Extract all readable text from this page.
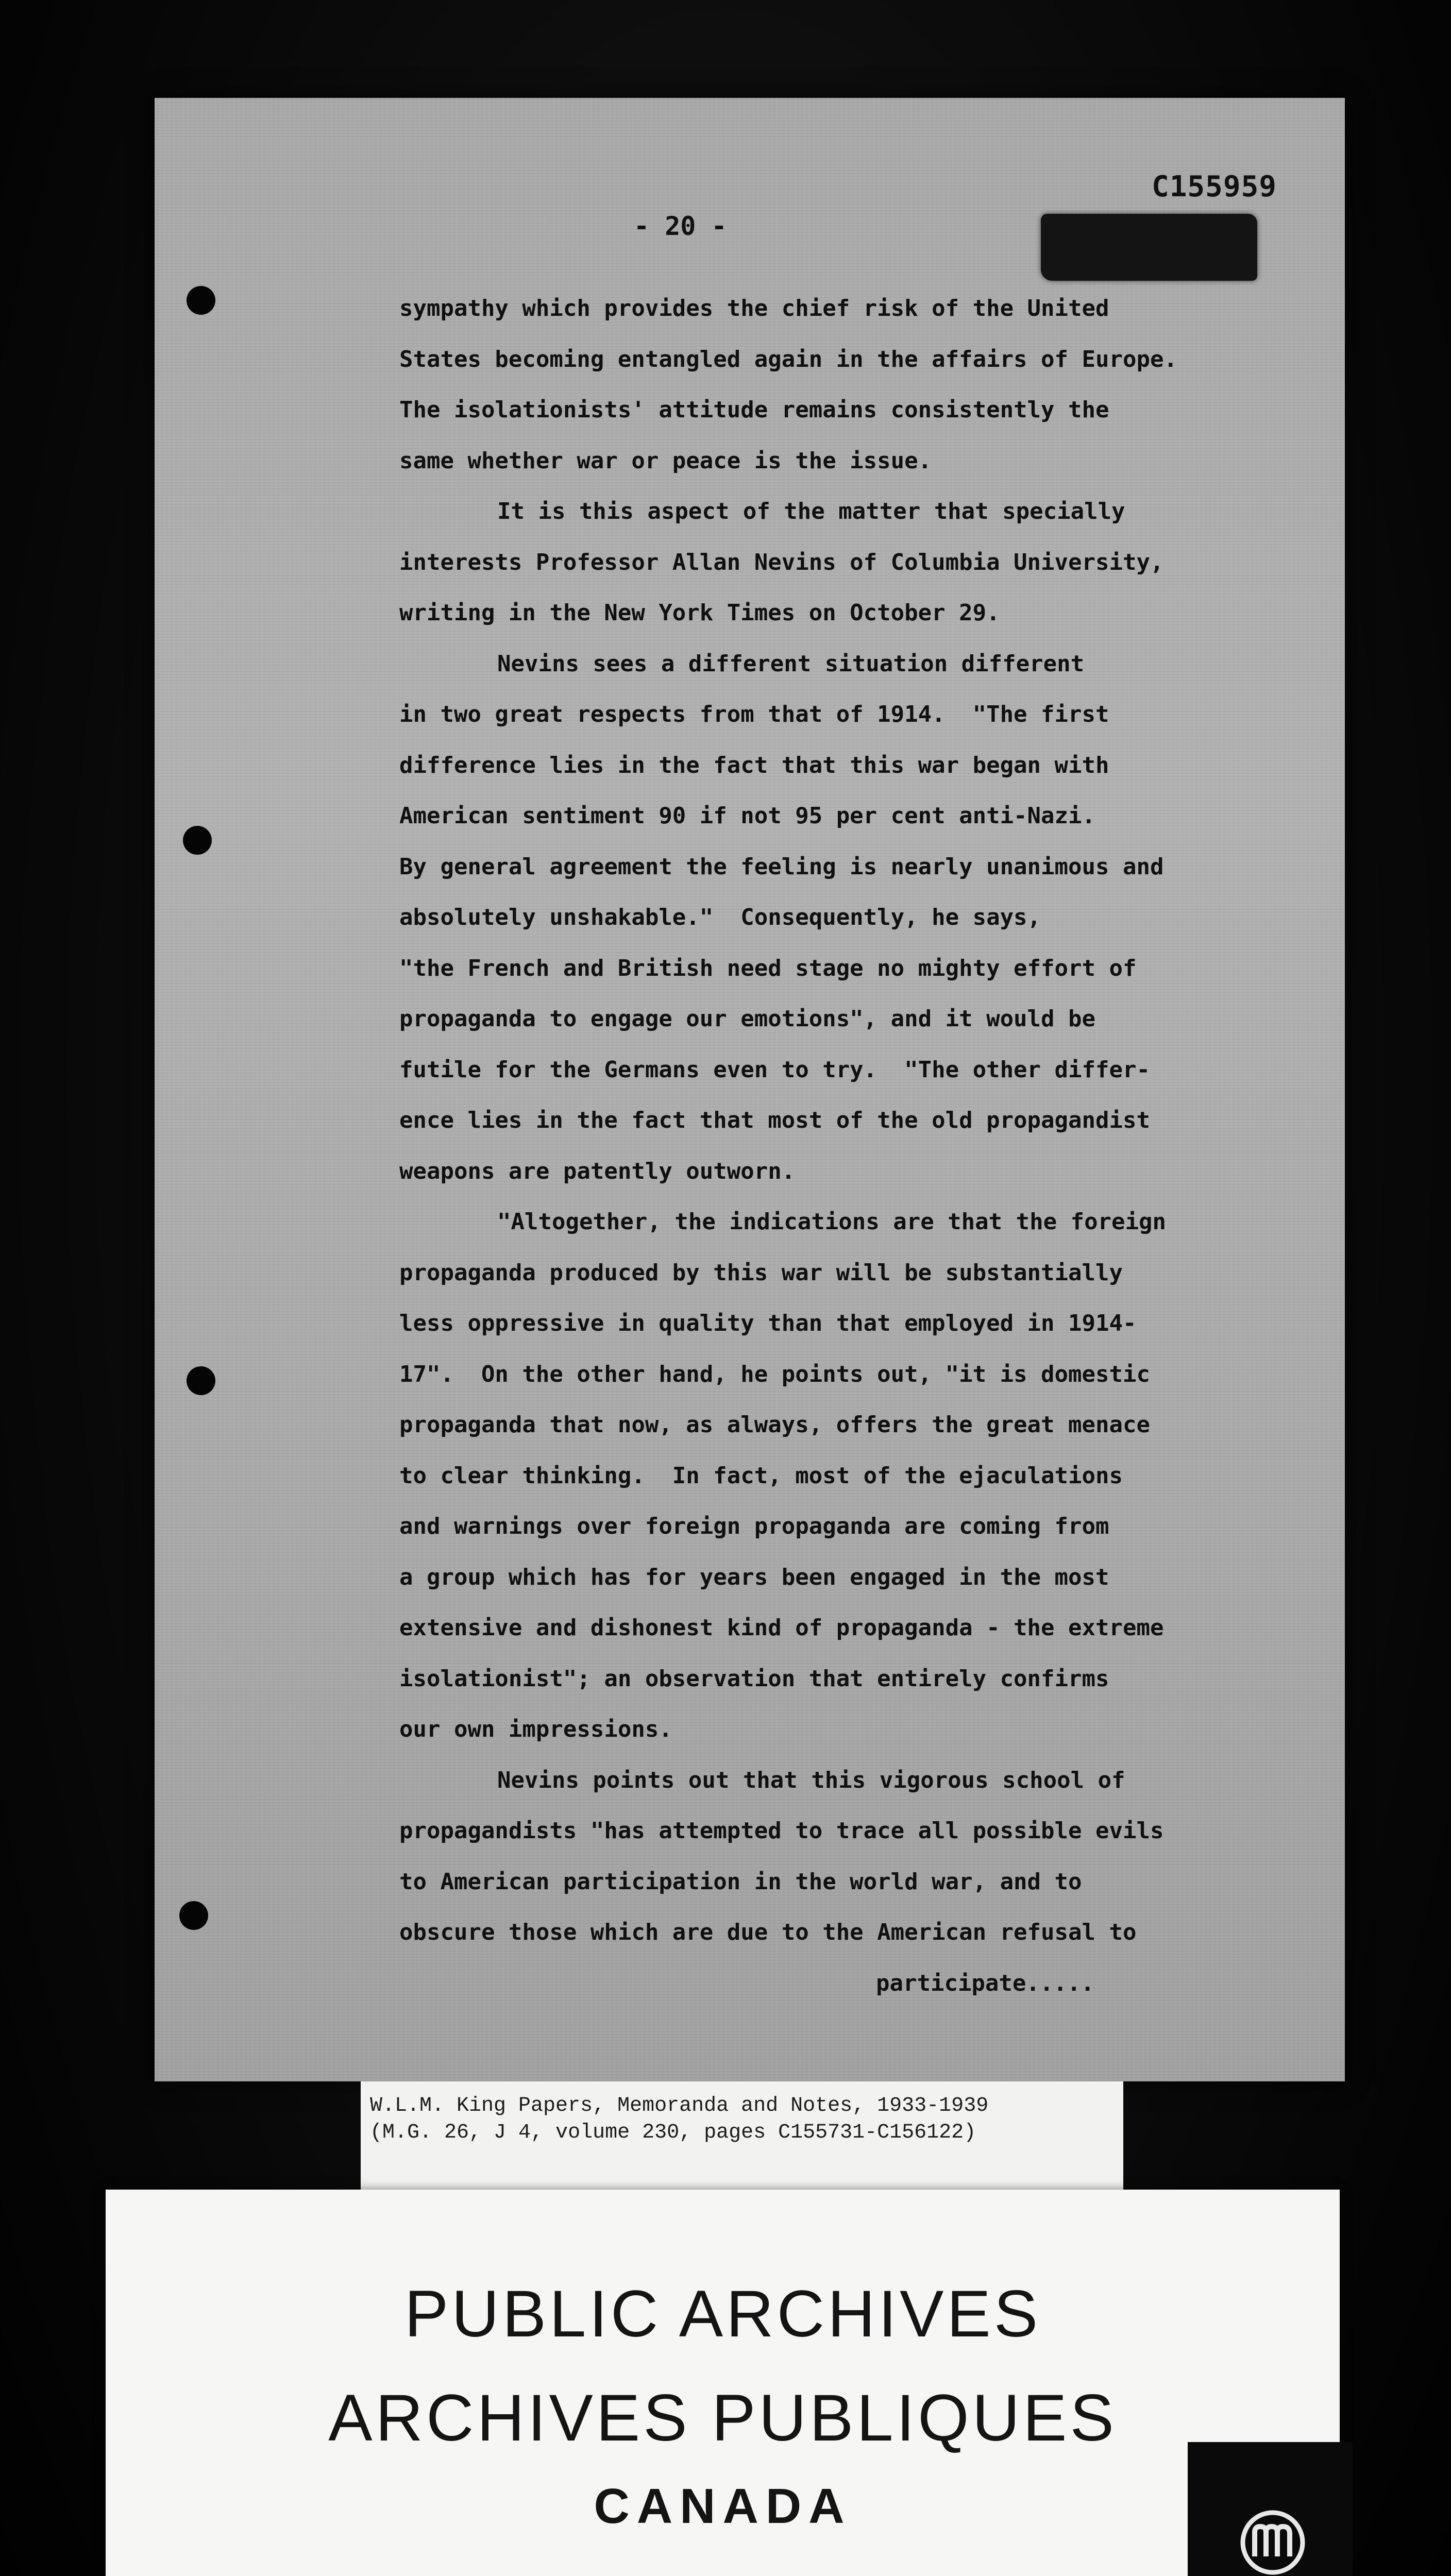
C155959
- 20 -
sympathy which provides the chief risk of the United
States becoming entangled again in the affairs of Europe.
The isolationists' attitude remains consistently the
same whether war or peace is the issue.
It is this aspect of the matter that specially
interests Professor Allan Nevins of Columbia University,
writing in the New York Times on October 29.
Nevins sees a different situation different
in two great respects from that of 1914.  "The first
difference lies in the fact that this war began with
American sentiment 90 if not 95 per cent anti-Nazi.
By general agreement the feeling is nearly unanimous and
absolutely unshakable."  Consequently, he says,
"the French and British need stage no mighty effort of
propaganda to engage our emotions", and it would be
futile for the Germans even to try.  "The other differ-
ence lies in the fact that most of the old propagandist
weapons are patently outworn.
"Altogether, the indications are that the foreign
propaganda produced by this war will be substantially
less oppressive in quality than that employed in 1914-
17".  On the other hand, he points out, "it is domestic
propaganda that now, as always, offers the great menace
to clear thinking.  In fact, most of the ejaculations
and warnings over foreign propaganda are coming from
a group which has for years been engaged in the most
extensive and dishonest kind of propaganda - the extreme
isolationist"; an observation that entirely confirms
our own impressions.
Nevins points out that this vigorous school of
propagandists "has attempted to trace all possible evils
to American participation in the world war, and to
obscure those which are due to the American refusal to
participate.....
W.L.M. King Papers, Memoranda and Notes, 1933-1939
(M.G. 26, J 4, volume 230, pages C155731-C156122)
PUBLIC ARCHIVES
ARCHIVES PUBLIQUES
CANADA
